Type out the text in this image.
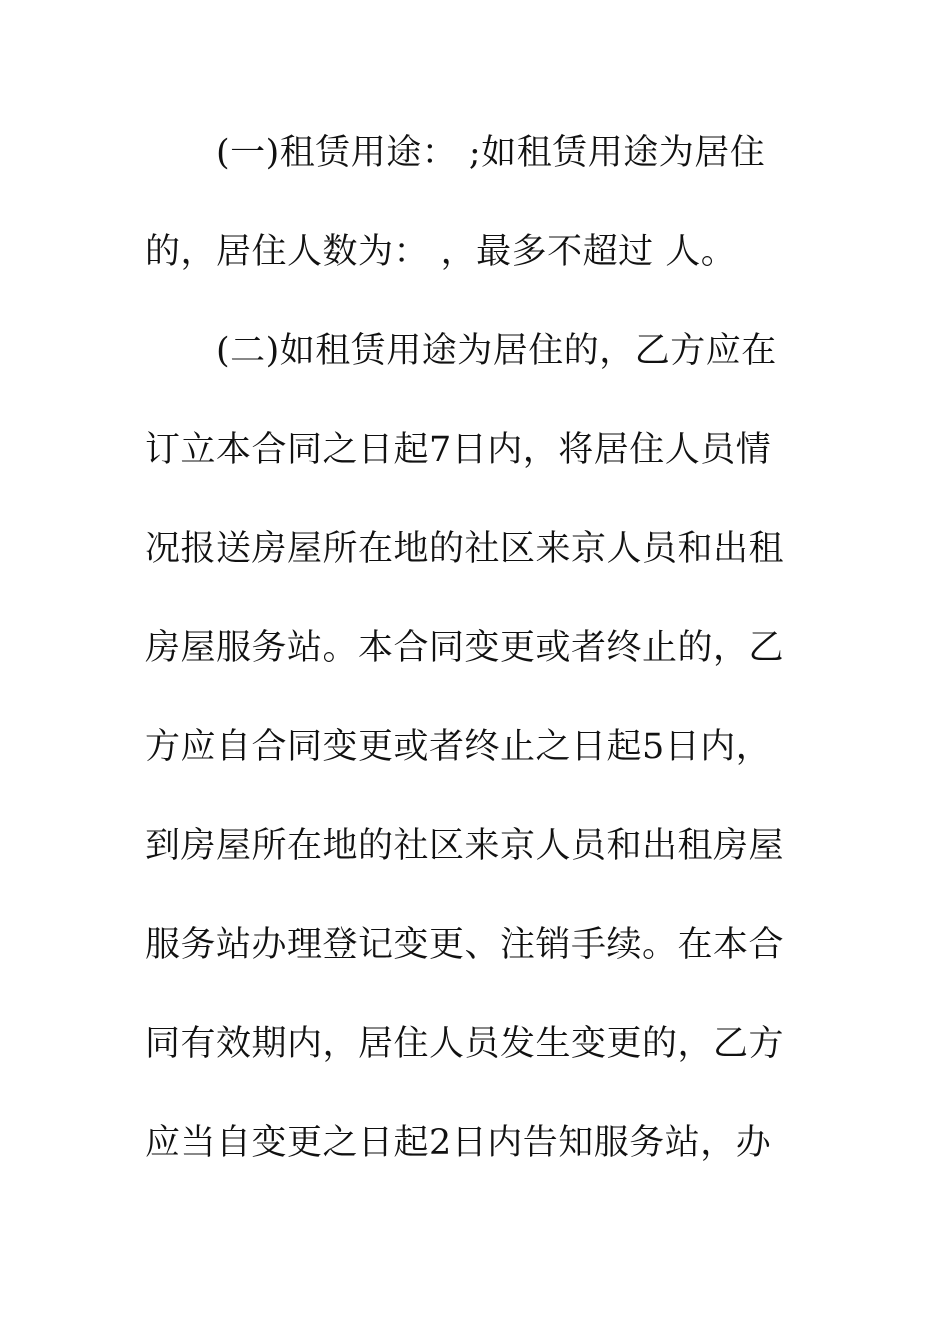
(一)租赁用途： ;如租赁用途为居住
的，居住人数为： ，最多不超过 人。
(二)如租赁用途为居住的，乙方应在
订立本合同之日起7日内，将居住人员情
况报送房屋所在地的社区来京人员和出租
房屋服务站。本合同变更或者终止的，乙
方应自合同变更或者终止之日起5日内，
到房屋所在地的社区来京人员和出租房屋
服务站办理登记变更、注销手续。在本合
同有效期内，居住人员发生变更的，乙方
应当自变更之日起2日内告知服务站，办
